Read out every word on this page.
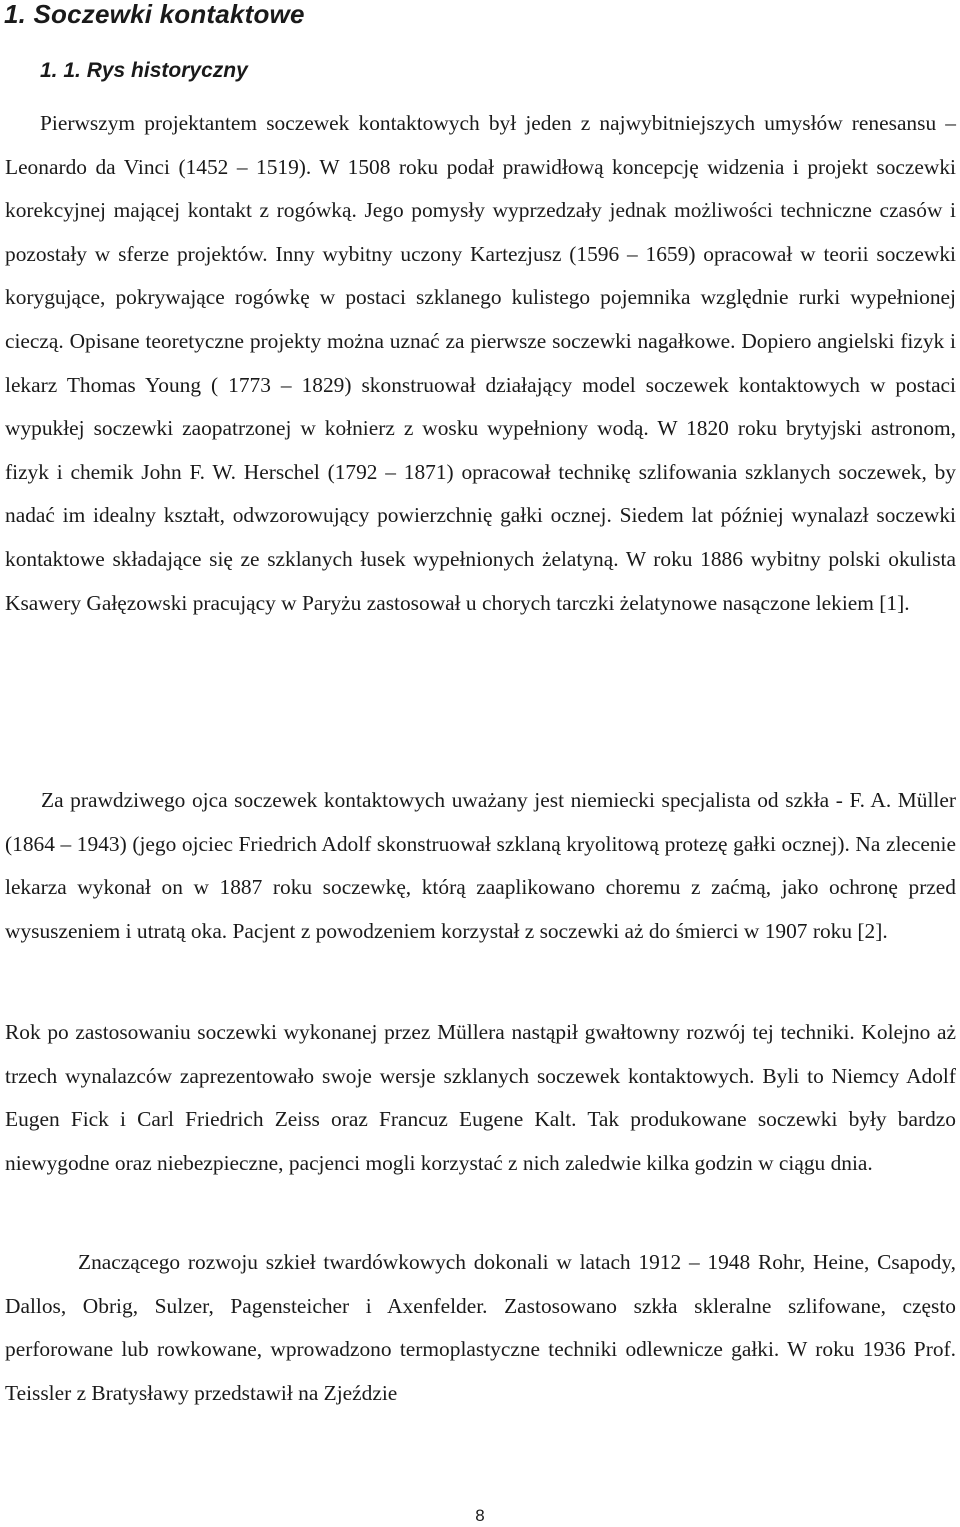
1. Soczewki kontaktowe
1. 1. Rys historyczny

Pierwszym projektantem soczewek kontaktowych był jeden z najwybitniejszych umysłów renesansu – Leonardo da Vinci (1452 – 1519). W 1508 roku podał prawidłową koncepcję widzenia i projekt soczewki korekcyjnej mającej kontakt z rogówką. Jego pomysły wyprzedzały jednak możliwości techniczne czasów i pozostały w sferze projektów. Inny wybitny uczony Kartezjusz (1596 – 1659) opracował w teorii soczewki korygujące, pokrywające rogówkę w postaci szklanego kulistego pojemnika względnie rurki wypełnionej cieczą. Opisane teoretyczne projekty można uznać za pierwsze soczewki nagałkowe. Dopiero angielski fizyk i lekarz Thomas Young ( 1773 – 1829) skonstruował działający model soczewek kontaktowych w postaci wypukłej soczewki zaopatrzonej w kołnierz z wosku wypełniony wodą. W 1820 roku brytyjski astronom, fizyk i chemik John F. W. Herschel (1792 – 1871) opracował technikę szlifowania szklanych soczewek, by nadać im idealny kształt, odwzorowujący powierzchnię gałki ocznej. Siedem lat później wynalazł soczewki kontaktowe składające się ze szklanych łusek wypełnionych żelatyną. W roku 1886 wybitny polski okulista Ksawery Gałęzowski pracujący w Paryżu zastosował u chorych tarczki żelatynowe nasączone lekiem [1].

Za prawdziwego ojca soczewek kontaktowych uważany jest niemiecki specjalista od szkła - F. A. Müller (1864 – 1943) (jego ojciec Friedrich Adolf skonstruował szklaną kryolitową protezę gałki ocznej). Na zlecenie lekarza wykonał on w 1887 roku soczewkę, którą zaaplikowano choremu z zaćmą, jako ochronę przed wysuszeniem i utratą oka. Pacjent z powodzeniem korzystał z soczewki aż do śmierci w 1907 roku [2].

Rok po zastosowaniu soczewki wykonanej przez Müllera nastąpił gwałtowny rozwój tej techniki. Kolejno aż trzech wynalazców zaprezentowało swoje wersje szklanych soczewek kontaktowych. Byli to Niemcy Adolf Eugen Fick i Carl Friedrich Zeiss oraz Francuz Eugene Kalt. Tak produkowane soczewki były bardzo niewygodne oraz niebezpieczne, pacjenci mogli korzystać z nich zaledwie kilka godzin w ciągu dnia.

Znaczącego rozwoju szkieł twardówkowych dokonali w latach 1912 – 1948 Rohr, Heine, Csapody, Dallos, Obrig, Sulzer, Pagensteicher i Axenfelder. Zastosowano szkła skleralne szlifowane, często perforowane lub rowkowane, wprowadzono termoplastyczne techniki odlewnicze gałki. W roku 1936 Prof. Teissler z Bratysławy przedstawił na Zjeździe

8
